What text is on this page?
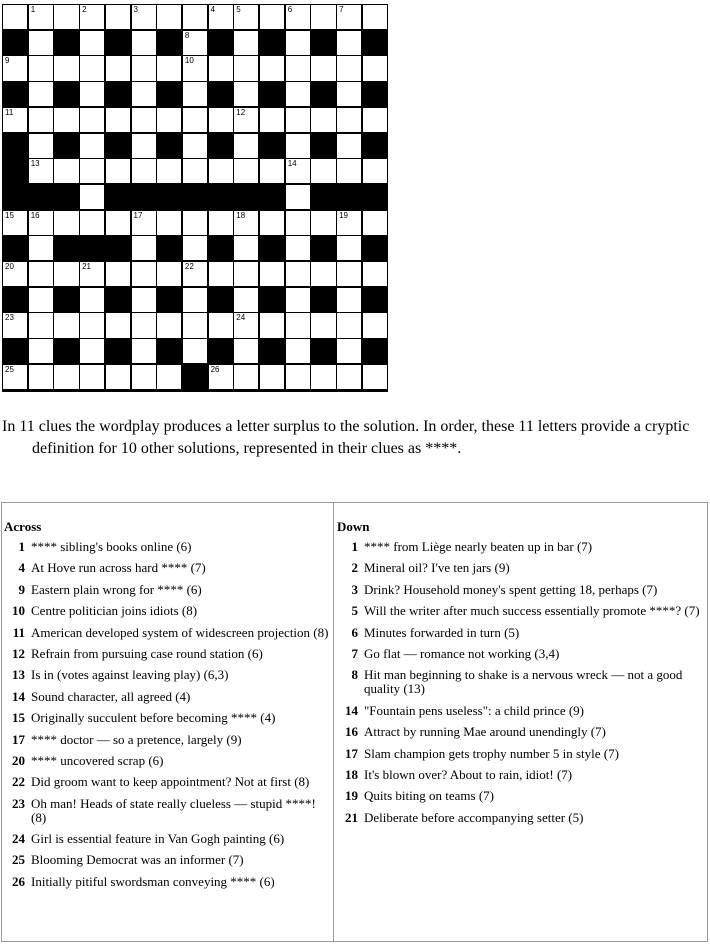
1	2	3	4	5	6	7
8
9	10
11	12
13	14
15 16	17	18	19
20	21	22
23	24
25	26

In 11 clues the wordplay produces a letter surplus to the solution. In order, these 11 letters provide a cryptic definition for 10 other solutions, represented in their clues as ****.

Across
1 **** sibling's books online (6)
4 At Hove run across hard **** (7)
9 Eastern plain wrong for **** (6)
10 Centre politician joins idiots (8)
11 American developed system of widescreen projection (8)
12 Refrain from pursuing case round station (6)
13 Is in (votes against leaving play) (6,3)
14 Sound character, all agreed (4)
15 Originally succulent before becoming **** (4)
17 **** doctor — so a pretence, largely (9)
20 **** uncovered scrap (6)
22 Did groom want to keep appointment? Not at first (8)
23 Oh man! Heads of state really clueless — stupid ****! (8)
24 Girl is essential feature in Van Gogh painting (6)
25 Blooming Democrat was an informer (7)
26 Initially pitiful swordsman conveying **** (6)
Down
1 **** from Liège nearly beaten up in bar (7)
2 Mineral oil? I've ten jars (9)
3 Drink? Household money's spent getting 18, perhaps (7)
5 Will the writer after much success essentially promote ****? (7)
6 Minutes forwarded in turn (5)
7 Go flat — romance not working (3,4)
8 Hit man beginning to shake is a nervous wreck — not a good quality (13)
14 "Fountain pens useless": a child prince (9)
16 Attract by running Mae around unendingly (7)
17 Slam champion gets trophy number 5 in style (7)
18 It's blown over? About to rain, idiot! (7)
19 Quits biting on teams (7)
21 Deliberate before accompanying setter (5)
